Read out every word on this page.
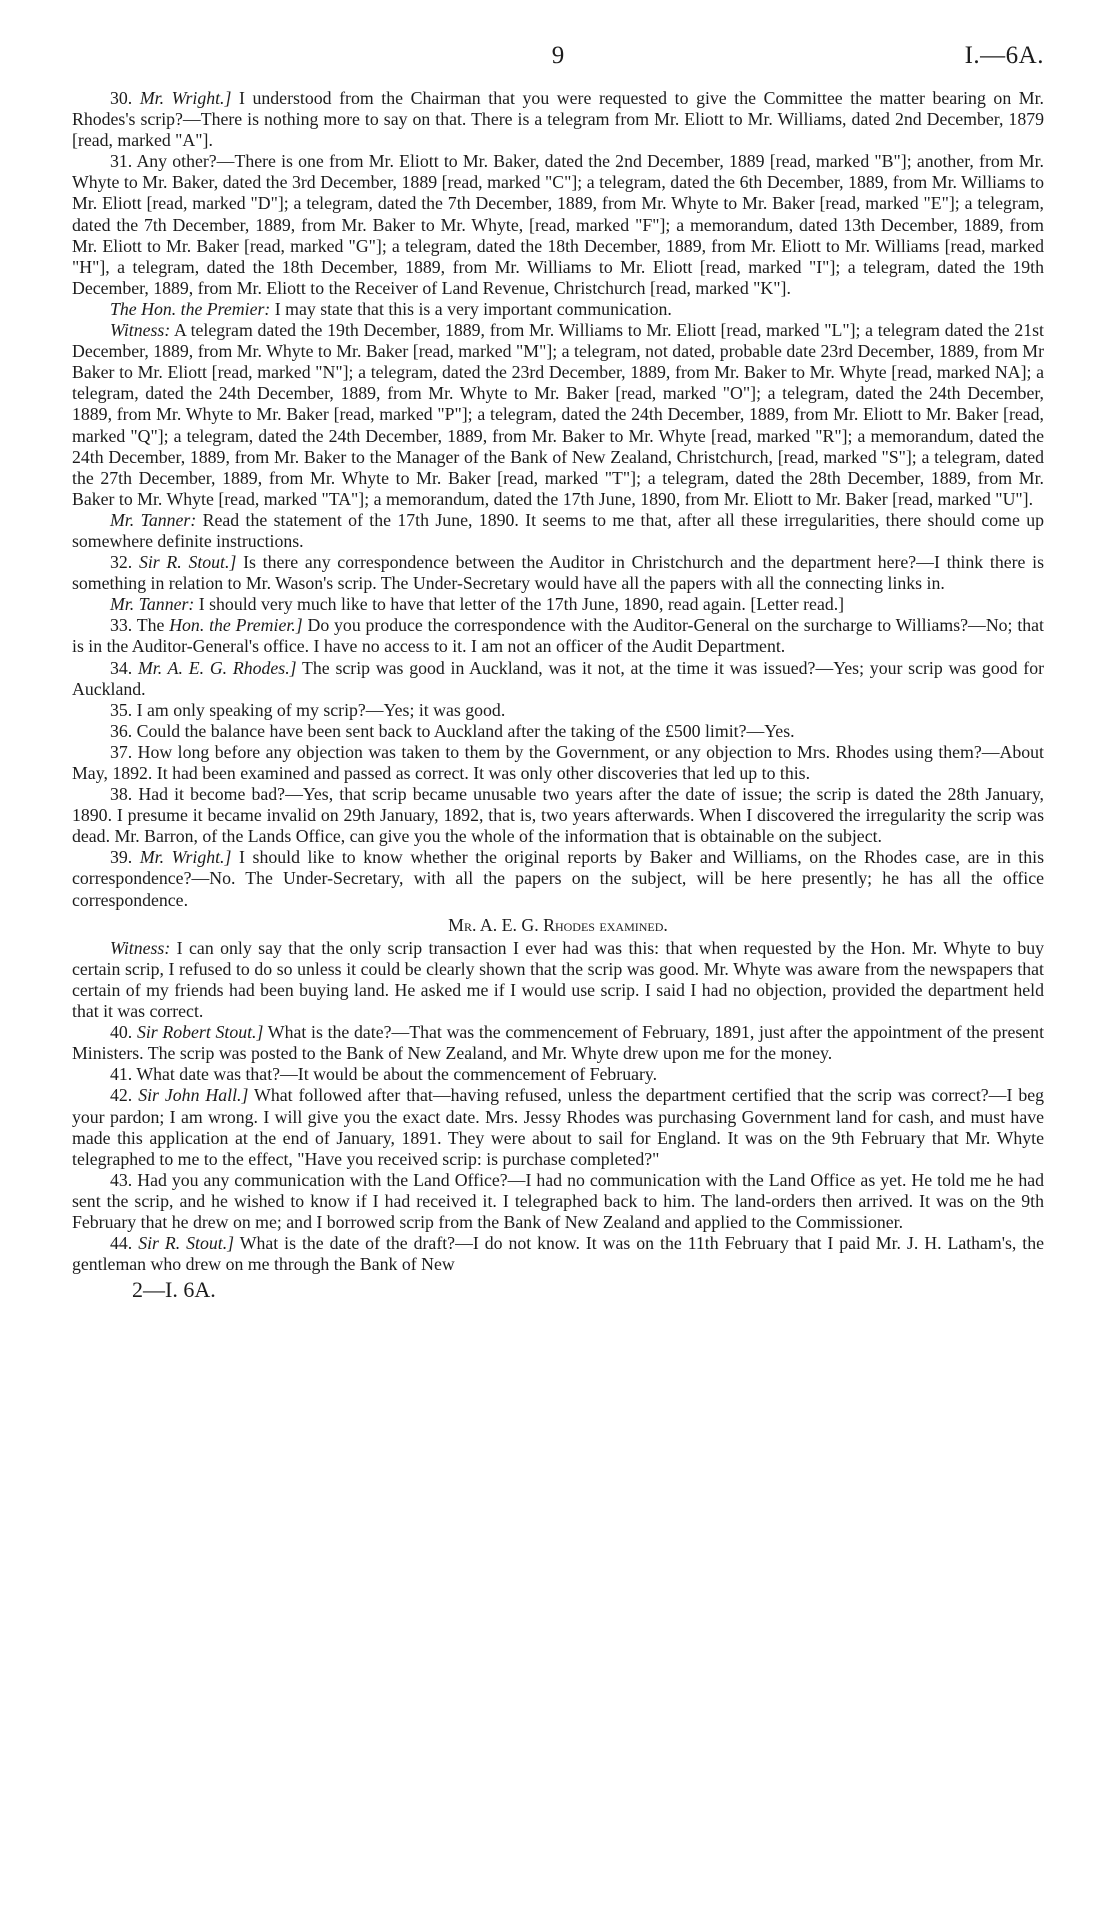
9	I.—6A.

30. Mr. Wright.] I understood from the Chairman that you were requested to give the Committee the matter bearing on Mr. Rhodes's scrip?—There is nothing more to say on that. There is a telegram from Mr. Eliott to Mr. Williams, dated 2nd December, 1879 [read, marked "A"].

31. Any other?—There is one from Mr. Eliott to Mr. Baker, dated the 2nd December, 1889 [read, marked "B"]; another, from Mr. Whyte to Mr. Baker, dated the 3rd December, 1889 [read, marked "C"]; a telegram, dated the 6th December, 1889, from Mr. Williams to Mr. Eliott [read, marked "D"]; a telegram, dated the 7th December, 1889, from Mr. Whyte to Mr. Baker [read, marked "E"]; a telegram, dated the 7th December, 1889, from Mr. Baker to Mr. Whyte, [read, marked "F"]; a memorandum, dated 13th December, 1889, from Mr. Eliott to Mr. Baker [read, marked "G"]; a telegram, dated the 18th December, 1889, from Mr. Eliott to Mr. Williams [read, marked "H"], a telegram, dated the 18th December, 1889, from Mr. Williams to Mr. Eliott [read, marked "I"]; a telegram, dated the 19th December, 1889, from Mr. Eliott to the Receiver of Land Revenue, Christchurch [read, marked "K"].

The Hon. the Premier: I may state that this is a very important communication.

Witness: A telegram dated the 19th December, 1889, from Mr. Williams to Mr. Eliott [read, marked "L"]; a telegram dated the 21st December, 1889, from Mr. Whyte to Mr. Baker [read, marked "M"]; a telegram, not dated, probable date 23rd December, 1889, from Mr Baker to Mr. Eliott [read, marked "N"]; a telegram, dated the 23rd December, 1889, from Mr. Baker to Mr. Whyte [read, marked NA]; a telegram, dated the 24th December, 1889, from Mr. Whyte to Mr. Baker [read, marked "O"]; a telegram, dated the 24th December, 1889, from Mr. Whyte to Mr. Baker [read, marked "P"]; a telegram, dated the 24th December, 1889, from Mr. Eliott to Mr. Baker [read, marked "Q"]; a telegram, dated the 24th December, 1889, from Mr. Baker to Mr. Whyte [read, marked "R"]; a memorandum, dated the 24th December, 1889, from Mr. Baker to the Manager of the Bank of New Zealand, Christchurch, [read, marked "S"]; a telegram, dated the 27th December, 1889, from Mr. Whyte to Mr. Baker [read, marked "T"]; a telegram, dated the 28th December, 1889, from Mr. Baker to Mr. Whyte [read, marked "TA"]; a memorandum, dated the 17th June, 1890, from Mr. Eliott to Mr. Baker [read, marked "U"].

Mr. Tanner: Read the statement of the 17th June, 1890. It seems to me that, after all these irregularities, there should come up somewhere definite instructions.

32. Sir R. Stout.] Is there any correspondence between the Auditor in Christchurch and the department here?—I think there is something in relation to Mr. Wason's scrip. The Under-Secretary would have all the papers with all the connecting links in.

Mr. Tanner: I should very much like to have that letter of the 17th June, 1890, read again. [Letter read.]

33. The Hon. the Premier.] Do you produce the correspondence with the Auditor-General on the surcharge to Williams?—No; that is in the Auditor-General's office. I have no access to it. I am not an officer of the Audit Department.

34. Mr. A. E. G. Rhodes.] The scrip was good in Auckland, was it not, at the time it was issued?—Yes; your scrip was good for Auckland.

35. I am only speaking of my scrip?—Yes; it was good.

36. Could the balance have been sent back to Auckland after the taking of the £500 limit?—Yes.

37. How long before any objection was taken to them by the Government, or any objection to Mrs. Rhodes using them?—About May, 1892. It had been examined and passed as correct. It was only other discoveries that led up to this.

38. Had it become bad?—Yes, that scrip became unusable two years after the date of issue; the scrip is dated the 28th January, 1890. I presume it became invalid on 29th January, 1892, that is, two years afterwards. When I discovered the irregularity the scrip was dead. Mr. Barron, of the Lands Office, can give you the whole of the information that is obtainable on the subject.

39. Mr. Wright.] I should like to know whether the original reports by Baker and Williams, on the Rhodes case, are in this correspondence?—No. The Under-Secretary, with all the papers on the subject, will be here presently; he has all the office correspondence.

Mr. A. E. G. Rhodes examined.

Witness: I can only say that the only scrip transaction I ever had was this: that when requested by the Hon. Mr. Whyte to buy certain scrip, I refused to do so unless it could be clearly shown that the scrip was good. Mr. Whyte was aware from the newspapers that certain of my friends had been buying land. He asked me if I would use scrip. I said I had no objection, provided the department held that it was correct.

40. Sir Robert Stout.] What is the date?—That was the commencement of February, 1891, just after the appointment of the present Ministers. The scrip was posted to the Bank of New Zealand, and Mr. Whyte drew upon me for the money.

41. What date was that?—It would be about the commencement of February.

42. Sir John Hall.] What followed after that—having refused, unless the department certified that the scrip was correct?—I beg your pardon; I am wrong. I will give you the exact date. Mrs. Jessy Rhodes was purchasing Government land for cash, and must have made this application at the end of January, 1891. They were about to sail for England. It was on the 9th February that Mr. Whyte telegraphed to me to the effect, "Have you received scrip: is purchase completed?"

43. Had you any communication with the Land Office?—I had no communication with the Land Office as yet. He told me he had sent the scrip, and he wished to know if I had received it. I telegraphed back to him. The land-orders then arrived. It was on the 9th February that he drew on me; and I borrowed scrip from the Bank of New Zealand and applied to the Commissioner.

44. Sir R. Stout.] What is the date of the draft?—I do not know. It was on the 11th February that I paid Mr. J. H. Latham's, the gentleman who drew on me through the Bank of New

2—I. 6A.
